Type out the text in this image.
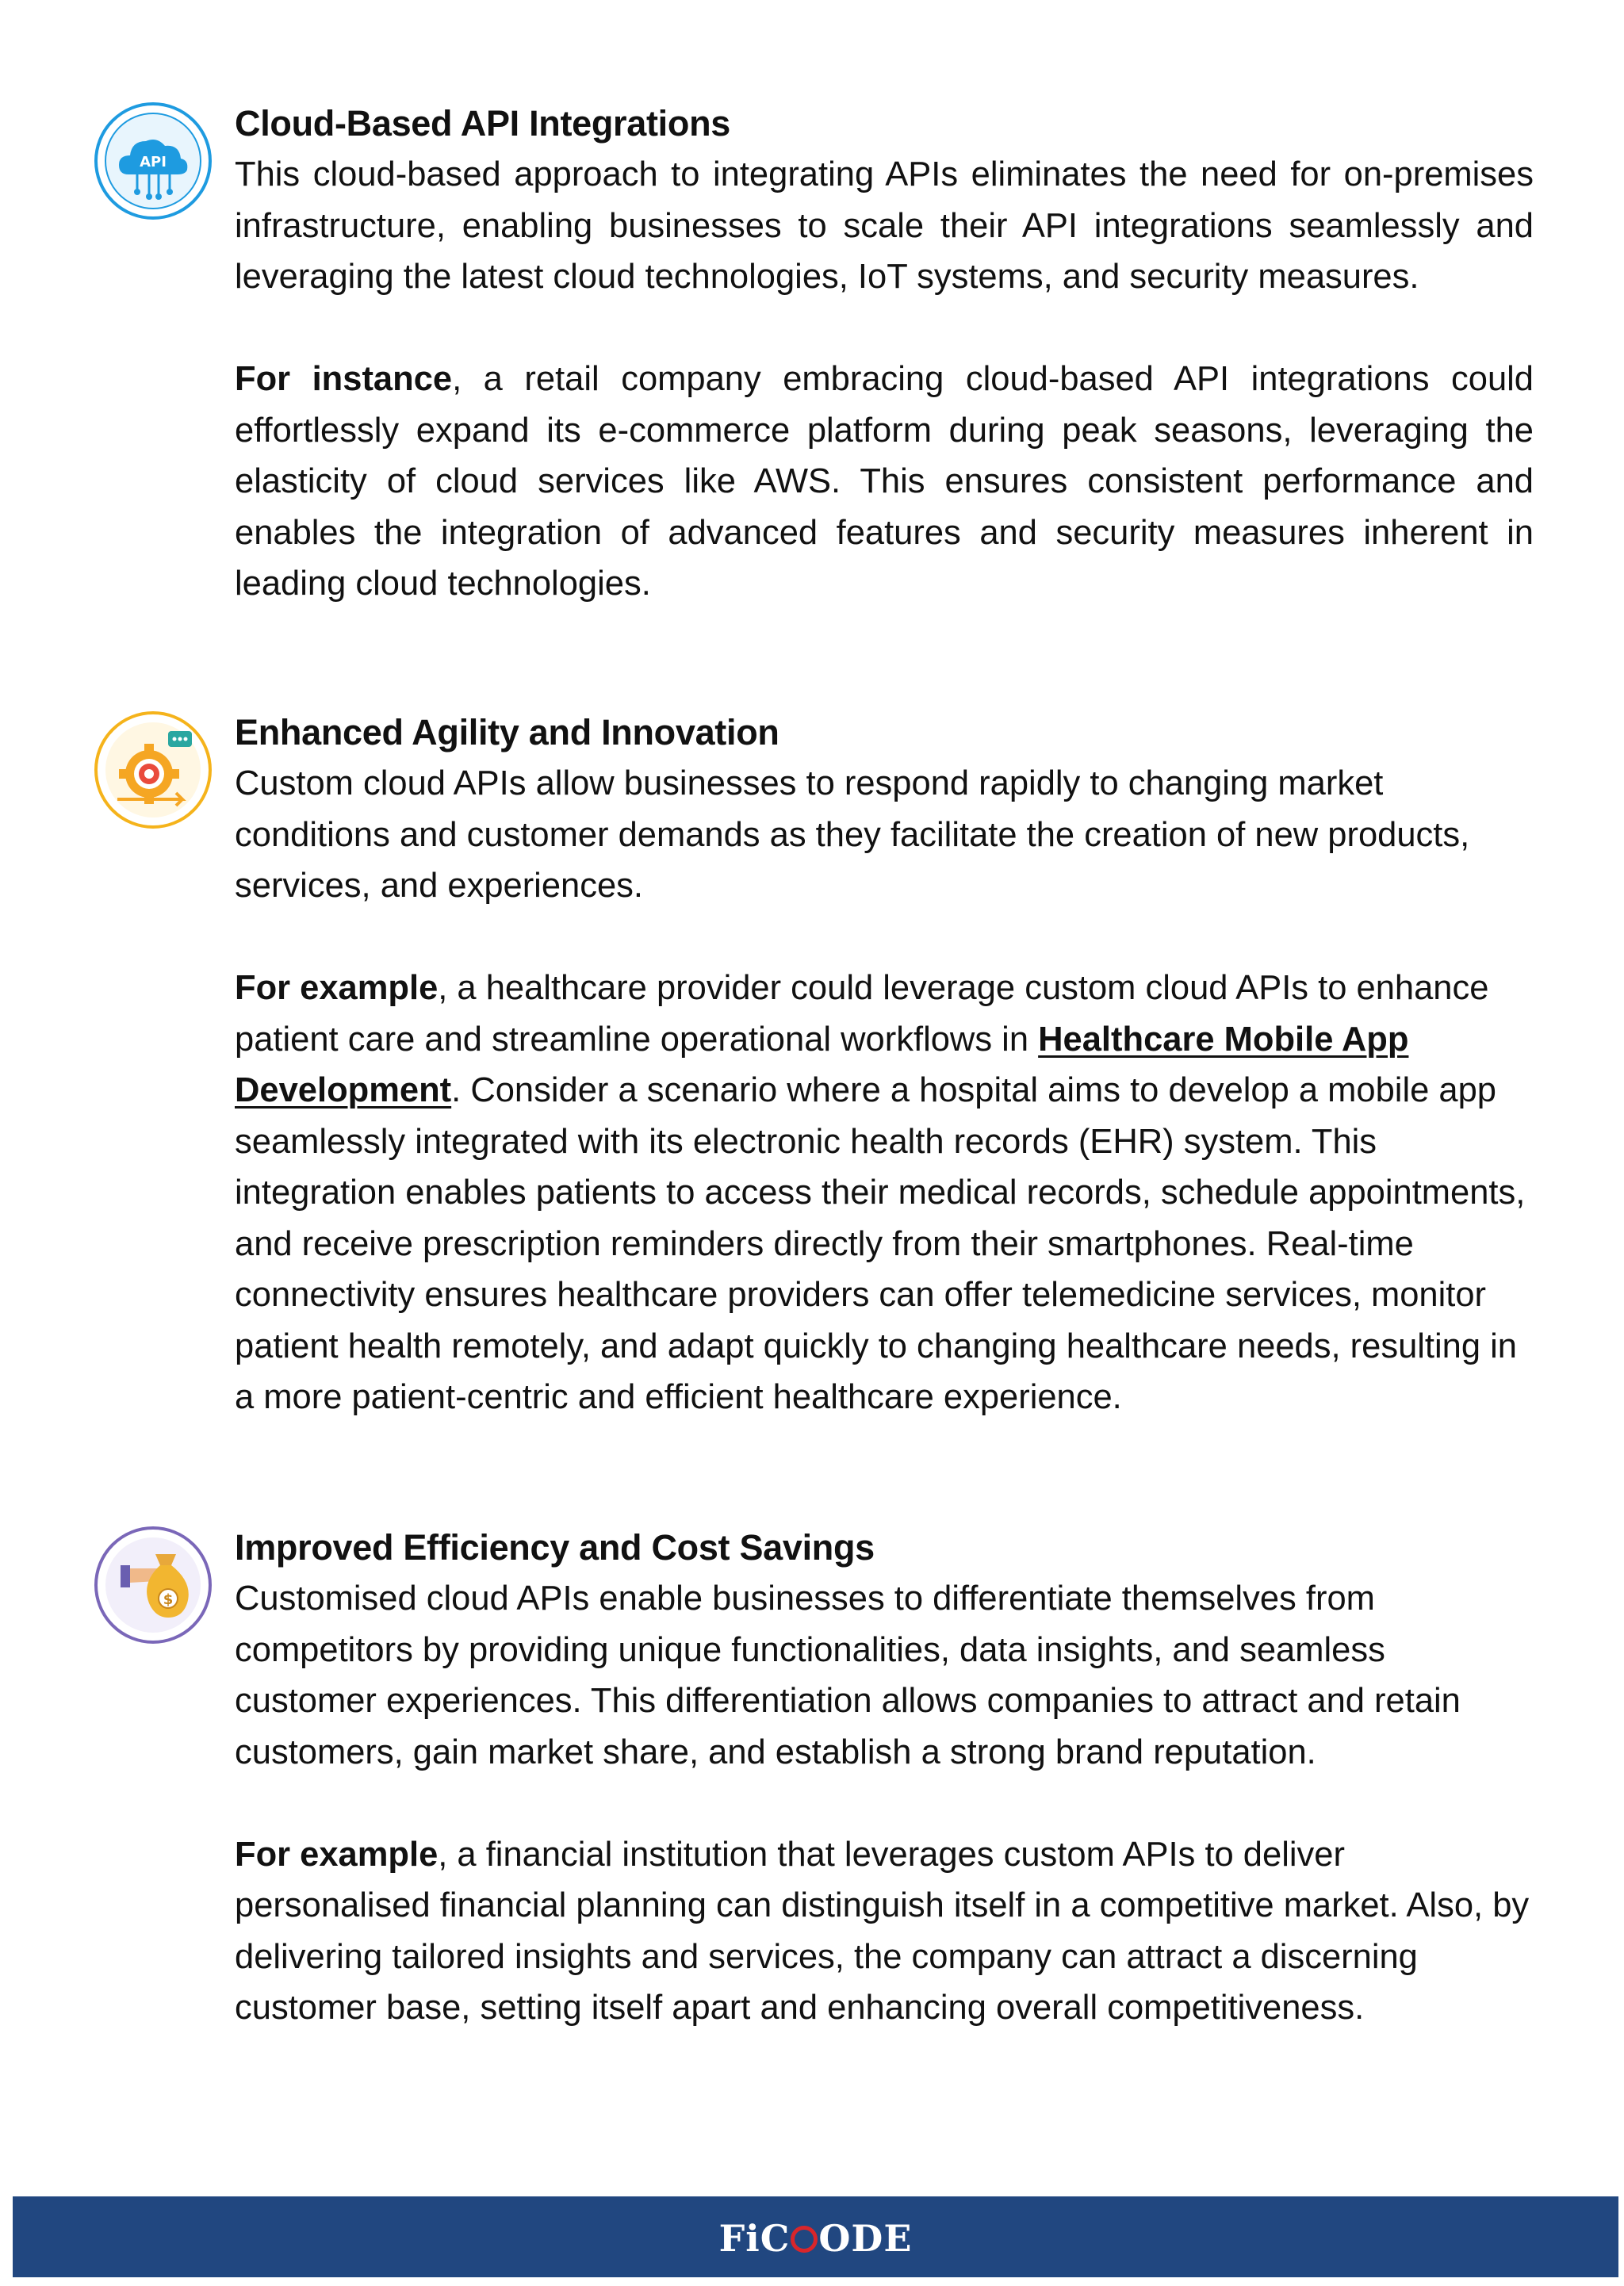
API
Cloud-Based API Integrations

This cloud-based approach to integrating APIs eliminates the need for on-premises infrastructure, enabling businesses to scale their API integrations seamlessly and leveraging the latest cloud technologies, IoT systems, and security measures.

For instance, a retail company embracing cloud-based API integrations could effortlessly expand its e-commerce platform during peak seasons, leveraging the elasticity of cloud services like AWS. This ensures consistent performance and enables the integration of advanced features and security measures inherent in leading cloud technologies.

Enhanced Agility and Innovation

Custom cloud APIs allow businesses to respond rapidly to changing market conditions and customer demands as they facilitate the creation of new products, services, and experiences.

For example, a healthcare provider could leverage custom cloud APIs to enhance patient care and streamline operational workflows in Healthcare Mobile App Development. Consider a scenario where a hospital aims to develop a mobile app seamlessly integrated with its electronic health records (EHR) system. This integration enables patients to access their medical records, schedule appointments, and receive prescription reminders directly from their smartphones. Real-time connectivity ensures healthcare providers can offer telemedicine services, monitor patient health remotely, and adapt quickly to changing healthcare needs, resulting in a more patient-centric and efficient healthcare experience.

$
Improved Efficiency and Cost Savings

Customised cloud APIs enable businesses to differentiate themselves from competitors by providing unique functionalities, data insights, and seamless customer experiences. This differentiation allows companies to attract and retain customers, gain market share, and establish a strong brand reputation.

For example, a financial institution that leverages custom APIs to deliver personalised financial planning can distinguish itself in a competitive market. Also, by delivering tailored insights and services, the company can attract a discerning customer base, setting itself apart and enhancing overall competitiveness.

FiC ODE
